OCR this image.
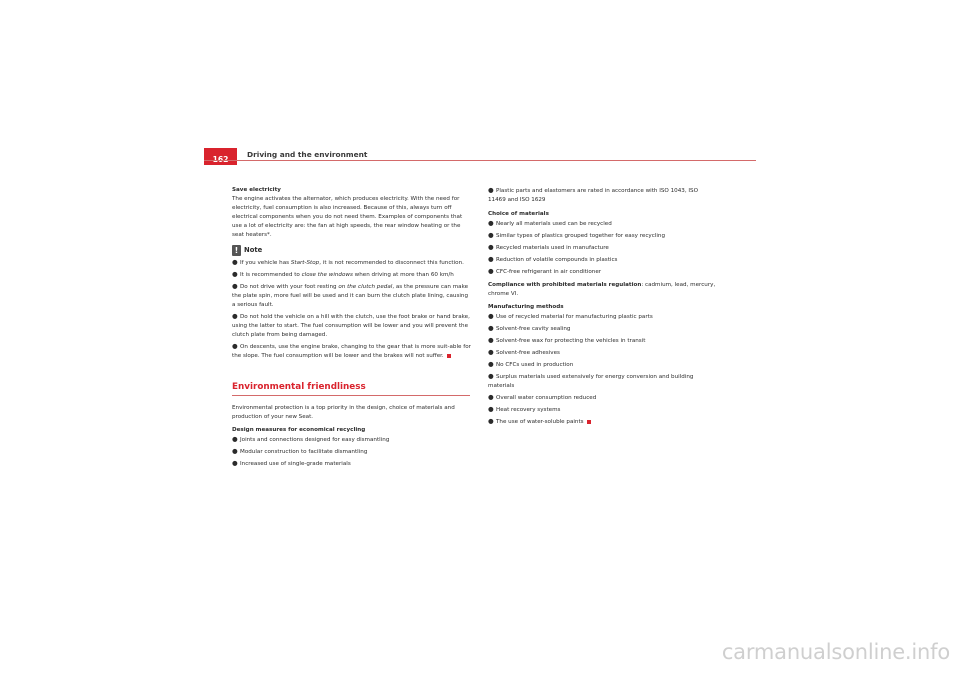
Driving and the environment

Save electricity

The engine activates the alternator, which produces electricity. With the need for electricity, fuel consumption is also increased. Because of this, always turn off electrical components when you do not need them. Examples of components that use a lot of electricity are: the fan at high speeds, the rear window heating or the seat heaters*.

!
Note

● If you vehicle has Start-Stop, it is not recommended to disconnect this function.

● It is recommended to close the windows when driving at more than 60 km/h

● Do not drive with your foot resting on the clutch pedal, as the pressure can make the plate spin, more fuel will be used and it can burn the clutch plate lining, causing a serious fault.

● Do not hold the vehicle on a hill with the clutch, use the foot brake or hand brake, using the latter to start. The fuel consumption will be lower and you will prevent the clutch plate from being damaged.

● On descents, use the engine brake, changing to the gear that is more suit-able for the slope. The fuel consumption will be lower and the brakes will not suffer.

Environmental friendliness

Environmental protection is a top priority in the design, choice of materials and production of your new Seat.

Design measures for economical recycling

● Joints and connections designed for easy dismantling

● Modular construction to facilitate dismantling

● Increased use of single-grade materials

● Plastic parts and elastomers are rated in accordance with ISO 1043, ISO 11469 and ISO 1629

Choice of materials

● Nearly all materials used can be recycled

● Similar types of plastics grouped together for easy recycling

● Recycled materials used in manufacture

● Reduction of volatile compounds in plastics

● CFC-free refrigerant in air conditioner

Compliance with prohibited materials regulation: cadmium, lead, mercury, chrome VI.

Manufacturing methods

● Use of recycled material for manufacturing plastic parts

● Solvent-free cavity sealing

● Solvent-free wax for protecting the vehicles in transit

● Solvent-free adhesives

● No CFCs used in production

● Surplus materials used extensively for energy conversion and building materials

● Overall water consumption reduced

● Heat recovery systems

● The use of water-soluble paints

carmanualsonline.info
